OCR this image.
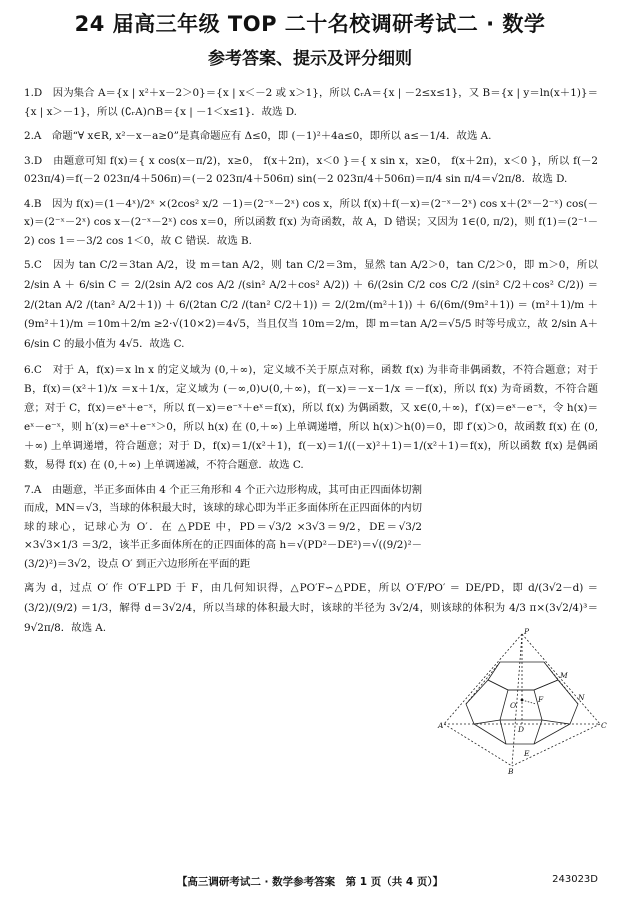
24 届高三年级 TOP 二十名校调研考试二 · 数学
参考答案、提示及评分细则
1.D　因为集合 A＝{x | x²＋x－2＞0}＝{x | x＜－2 或 x＞1}，所以 ∁ᵣA＝{x | －2≤x≤1}，又 B＝{x | y＝ln(x＋1)}＝{x | x＞－1}，所以 (∁ᵣA)∩B＝{x | －1＜x≤1}．故选 D.
2.A　命题“∀ x∈R, x²－x－a≥0”是真命题应有 Δ≤0，即 (－1)²＋4a≤0，即所以 a≤－1/4．故选 A.
3.D　由题意可知 f(x)＝{ x cos(x－π/2)，x≥0， f(x＋2π)，x＜0 }＝{ x sin x，x≥0， f(x＋2π)，x＜0 }，所以 f(－2 023π/4)＝f(－2 023π/4＋506π)＝(－2 023π/4＋506π) sin(－2 023π/4＋506π)＝π/4 sin π/4＝√2π/8．故选 D.
4.B　因为 f(x)＝(1－4ˣ)/2ˣ ×(2cos² x/2 －1)＝(2⁻ˣ－2ˣ) cos x，所以 f(x)＋f(－x)＝(2⁻ˣ－2ˣ) cos x＋(2ˣ－2⁻ˣ) cos(－x)＝(2⁻ˣ－2ˣ) cos x－(2⁻ˣ－2ˣ) cos x＝0，所以函数 f(x) 为奇函数，故 A，D 错误；又因为 1∈(0, π/2)，则 f(1)＝(2⁻¹－2) cos 1＝－3/2 cos 1＜0，故 C 错误．故选 B.
5.C　因为 tan C/2＝3tan A/2，设 m＝tan A/2，则 tan C/2＝3m，显然 tan A/2＞0，tan C/2＞0，即 m＞0，所以 2/sin A ＋ 6/sin C ＝ 2/(2sin A/2 cos A/2 /(sin² A/2＋cos² A/2)) ＋ 6/(2sin C/2 cos C/2 /(sin² C/2＋cos² C/2)) ＝ 2/(2tan A/2 /(tan² A/2＋1)) ＋ 6/(2tan C/2 /(tan² C/2＋1)) ＝ 2/(2m/(m²＋1)) ＋ 6/(6m/(9m²＋1)) ＝ (m²＋1)/m ＋ (9m²＋1)/m ＝10m＋2/m ≥2·√(10×2)＝4√5，当且仅当 10m＝2/m，即 m＝tan A/2＝√5/5 时等号成立，故 2/sin A＋6/sin C 的最小值为 4√5．故选 C.
6.C　对于 A，f(x)＝x ln x 的定义域为 (0,＋∞)，定义域不关于原点对称，函数 f(x) 为非奇非偶函数，不符合题意；对于 B，f(x)＝(x²＋1)/x ＝x＋1/x，定义域为 (－∞,0)∪(0,＋∞)，f(－x)＝－x－1/x ＝－f(x)，所以 f(x) 为奇函数，不符合题意；对于 C，f(x)＝eˣ＋e⁻ˣ，所以 f(－x)＝e⁻ˣ＋eˣ＝f(x)，所以 f(x) 为偶函数，又 x∈(0,＋∞)，f′(x)＝eˣ－e⁻ˣ，令 h(x)＝eˣ－e⁻ˣ，则 h′(x)＝eˣ＋e⁻ˣ＞0，所以 h(x) 在 (0,＋∞) 上单调递增，所以 h(x)＞h(0)＝0，即 f′(x)＞0，故函数 f(x) 在 (0,＋∞) 上单调递增，符合题意；对于 D，f(x)＝1/(x²＋1)，f(－x)＝1/((－x)²＋1)＝1/(x²＋1)＝f(x)，所以函数 f(x) 是偶函数，易得 f(x) 在 (0,＋∞) 上单调递减，不符合题意．故选 C.
7.A　由题意，半正多面体由 4 个正三角形和 4 个正六边形构成，其可由正四面体切割而成，MN＝√3，当球的体积最大时，该球的球心即为半正多面体所在正四面体的内切球的球心，记球心为 O′．在 △PDE 中，PD＝√3/2 ×3√3＝9/2，DE＝√3/2 ×3√3×1/3 ＝3/2，该半正多面体所在的正四面体的高 h＝√(PD²－DE²)＝√((9/2)²－(3/2)²)＝3√2，设点 O′ 到正六边形所在平面的距
离为 d，过点 O′ 作 O′F⊥PD 于 F，由几何知识得，△PO′F∽△PDE，所以 O′F/PO′ ＝ DE/PD，即 d/(3√2－d) ＝ (3/2)/(9/2) ＝1/3，解得 d＝3√2/4，所以当球的体积最大时，该球的半径为 3√2/4，则该球的体积为 4/3 π×(3√2/4)³＝9√2π/8．故选 A.	P
M
N
F
O′
A	C
D
E
B
【高三调研考试二 · 数学参考答案　第 1 页（共 4 页）】	243023D
